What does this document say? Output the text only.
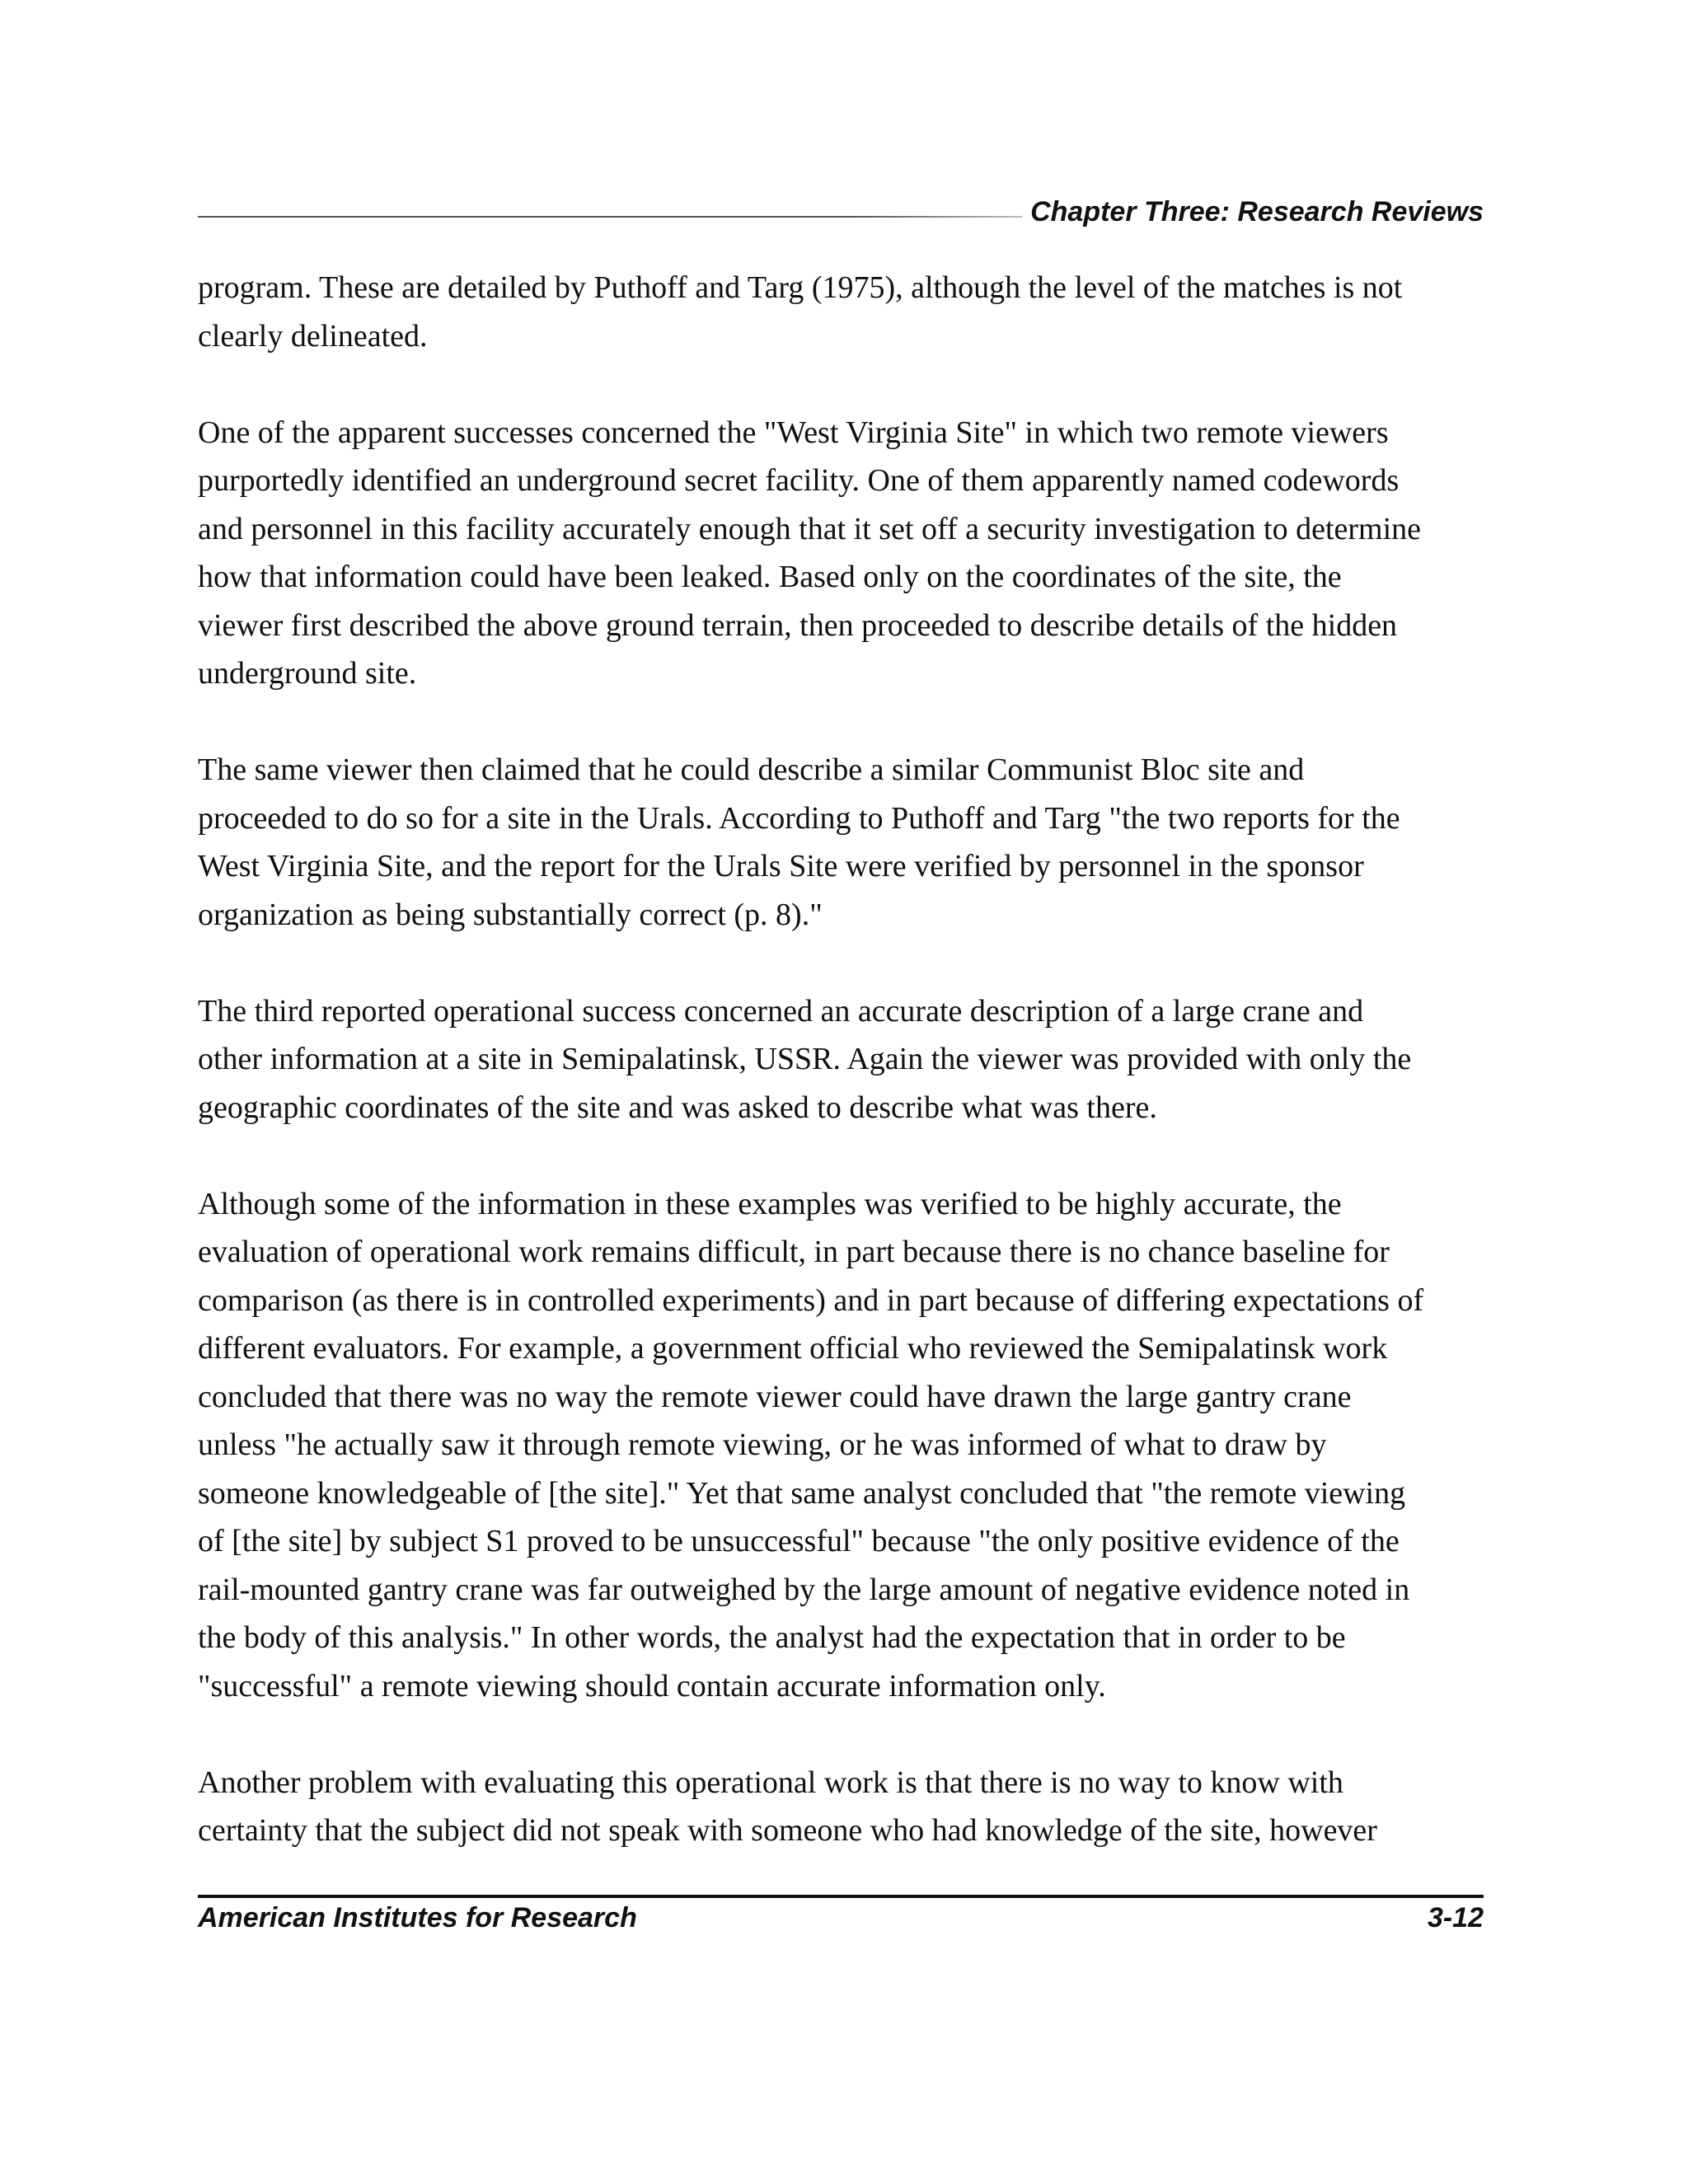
Chapter Three: Research Reviews

program. These are detailed by Puthoff and Targ (1975), although the level of the matches is not
clearly delineated.

One of the apparent successes concerned the "West Virginia Site" in which two remote viewers
purportedly identified an underground secret facility. One of them apparently named codewords
and personnel in this facility accurately enough that it set off a security investigation to determine
how that information could have been leaked. Based only on the coordinates of the site, the
viewer first described the above ground terrain, then proceeded to describe details of the hidden
underground site.

The same viewer then claimed that he could describe a similar Communist Bloc site and
proceeded to do so for a site in the Urals. According to Puthoff and Targ "the two reports for the
West Virginia Site, and the report for the Urals Site were verified by personnel in the sponsor
organization as being substantially correct (p. 8)."

The third reported operational success concerned an accurate description of a large crane and
other information at a site in Semipalatinsk, USSR. Again the viewer was provided with only the
geographic coordinates of the site and was asked to describe what was there.

Although some of the information in these examples was verified to be highly accurate, the
evaluation of operational work remains difficult, in part because there is no chance baseline for
comparison (as there is in controlled experiments) and in part because of differing expectations of
different evaluators. For example, a government official who reviewed the Semipalatinsk work
concluded that there was no way the remote viewer could have drawn the large gantry crane
unless "he actually saw it through remote viewing, or he was informed of what to draw by
someone knowledgeable of [the site]." Yet that same analyst concluded that "the remote viewing
of [the site] by subject S1 proved to be unsuccessful" because "the only positive evidence of the
rail-mounted gantry crane was far outweighed by the large amount of negative evidence noted in
the body of this analysis." In other words, the analyst had the expectation that in order to be
"successful" a remote viewing should contain accurate information only.

Another problem with evaluating this operational work is that there is no way to know with
certainty that the subject did not speak with someone who had knowledge of the site, however

American Institutes for Research	3-12
